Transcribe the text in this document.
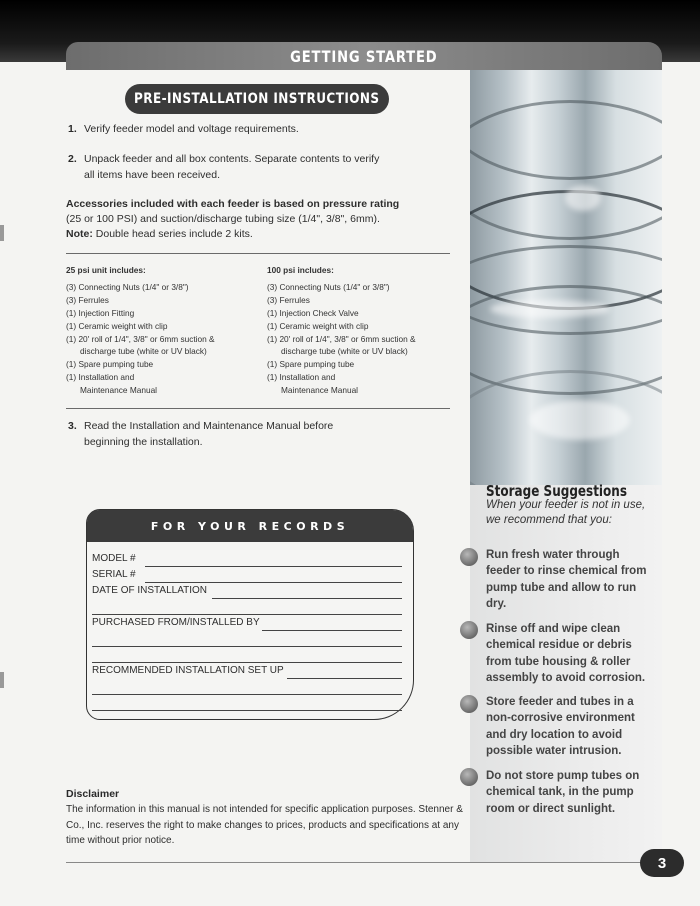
GETTING STARTED
PRE-INSTALLATION INSTRUCTIONS
1. Verify feeder model and voltage requirements.
2. Unpack feeder and all box contents. Separate contents to verify
all items have been received.
Accessories included with each feeder is based on pressure rating
(25 or 100 PSI) and suction/discharge tubing size (1/4", 3/8", 6mm).
Note: Double head series include 2 kits.
25 psi unit includes:
(3) Connecting Nuts (1/4" or 3/8")
(3) Ferrules
(1) Injection Fitting
(1) Ceramic weight with clip
(1) 20' roll of 1/4", 3/8" or 6mm suction &
discharge tube (white or UV black)
(1) Spare pumping tube
(1) Installation and
Maintenance Manual
100 psi includes:
(3) Connecting Nuts (1/4" or 3/8")
(3) Ferrules
(1) Injection Check Valve
(1) Ceramic weight with clip
(1) 20' roll of 1/4", 3/8" or 6mm suction &
discharge tube (white or UV black)
(1) Spare pumping tube
(1) Installation and
Maintenance Manual
3. Read the Installation and Maintenance Manual before
beginning the installation.
FOR YOUR RECORDS
MODEL #
SERIAL #
DATE OF INSTALLATION
PURCHASED FROM/INSTALLED BY
RECOMMENDED INSTALLATION SET UP
Storage Suggestions
When your feeder is not in use, we recommend that you:
Run fresh water through feeder to rinse chemical from pump tube and allow to run dry.
Rinse off and wipe clean chemical residue or debris from tube housing & roller assembly to avoid corrosion.
Store feeder and tubes in a non-corrosive environment and dry location to avoid possible water intrusion.
Do not store pump tubes on chemical tank, in the pump room or direct sunlight.
Disclaimer
The information in this manual is not intended for specific application purposes. Stenner & Co., Inc. reserves the right to make changes to prices, products and specifications at any time without prior notice.
3
